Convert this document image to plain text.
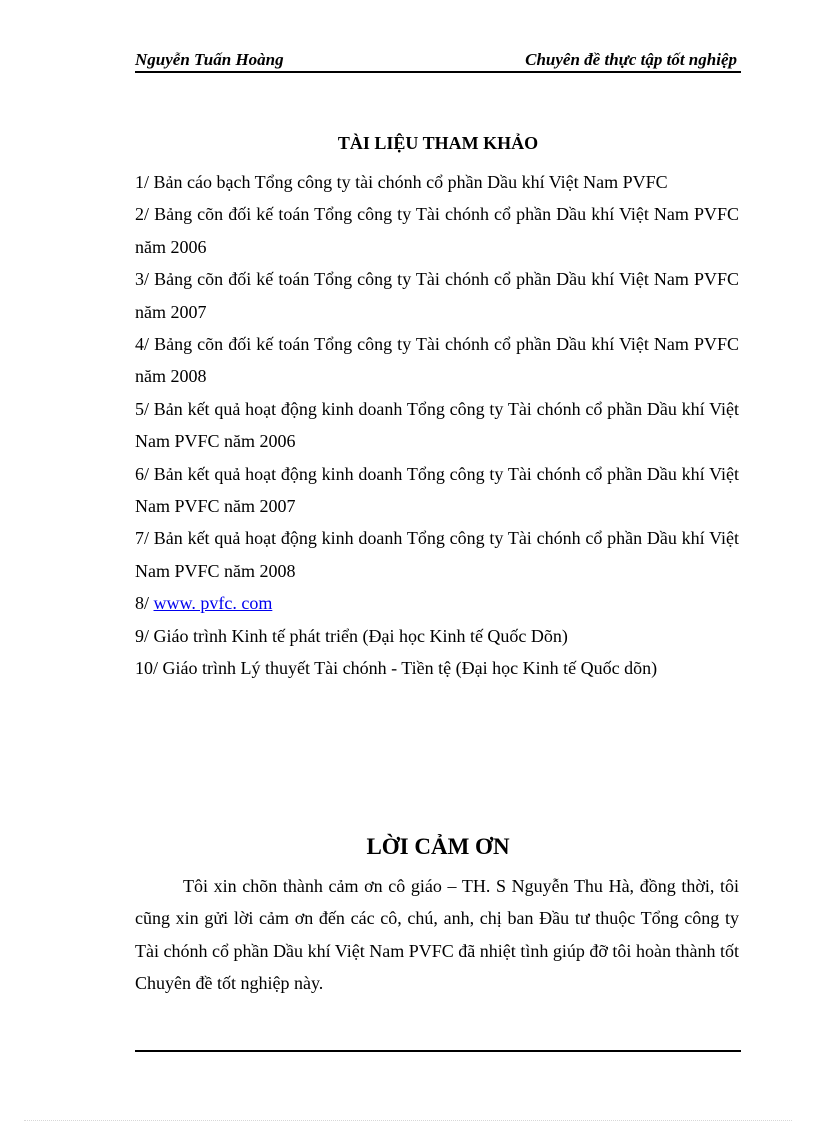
Nguyễn Tuấn Hoàng	Chuyên đề thực tập tốt nghiệp
TÀI LIỆU THAM KHẢO
1/ Bản cáo bạch Tổng công ty tài chónh cổ phần Dầu khí Việt Nam PVFC
2/ Bảng cõn đối kế toán Tổng công ty Tài chónh cổ phần Dầu khí Việt Nam PVFC năm 2006
3/ Bảng cõn đối kế toán Tổng công ty Tài chónh cổ phần Dầu khí Việt Nam PVFC năm 2007
4/ Bảng cõn đối kế toán Tổng công ty Tài chónh cổ phần Dầu khí Việt Nam PVFC năm 2008
5/ Bản kết quả hoạt động kinh doanh Tổng công ty Tài chónh cổ phần Dầu khí Việt Nam PVFC năm 2006
6/ Bản kết quả hoạt động kinh doanh Tổng công ty Tài chónh cổ phần Dầu khí Việt Nam PVFC năm 2007
7/ Bản kết quả hoạt động kinh doanh Tổng công ty Tài chónh cổ phần Dầu khí Việt Nam PVFC năm 2008
8/ www. pvfc. com
9/ Giáo trình Kinh tế phát triển (Đại học Kinh tế Quốc Dõn)
10/ Giáo trình Lý thuyết Tài chónh - Tiền tệ (Đại học Kinh tế Quốc dõn)
LỜI CẢM ƠN

Tôi xin chõn thành cảm ơn cô giáo – TH. S Nguyễn Thu Hà, đồng thời, tôi cũng xin gửi lời cảm ơn đến các cô, chú, anh, chị ban Đầu tư thuộc Tổng công ty Tài chónh cổ phần Dầu khí Việt Nam PVFC đã nhiệt tình giúp đỡ tôi hoàn thành tốt Chuyên đề tốt nghiệp này.
